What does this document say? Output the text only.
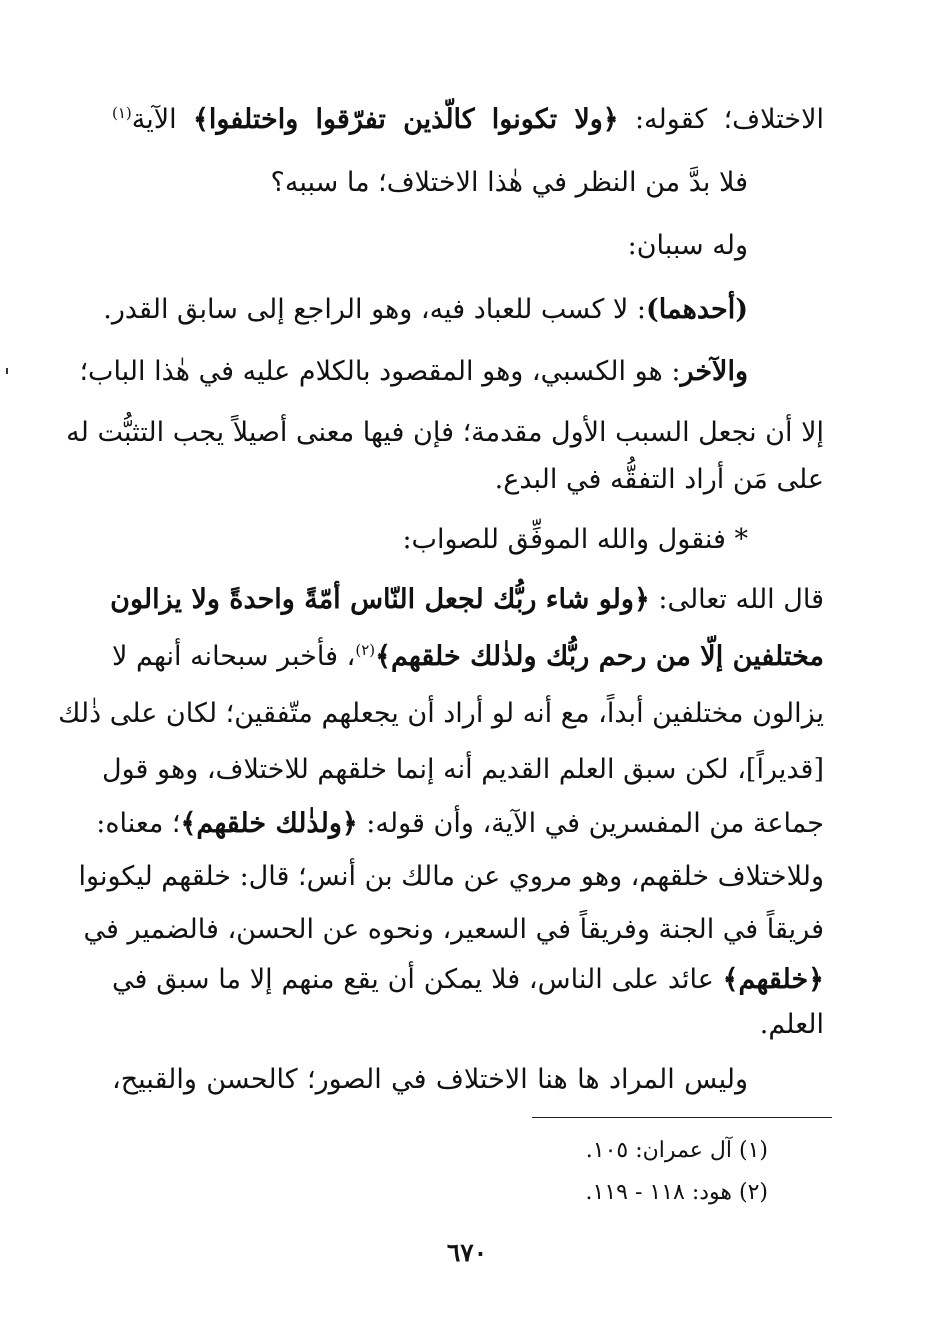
الاختلاف؛ كقوله: ﴿ولا تكونوا كالّذين تفرّقوا واختلفوا﴾ الآية$^{(١)}$
فلا بدَّ من النظر في هٰذا الاختلاف؛ ما سببه؟
وله سببان:
(أحدهما): لا كسب للعباد فيه، وهو الراجع إلى سابق القدر.
والآخر: هو الكسبي، وهو المقصود بالكلام عليه في هٰذا الباب؛
إلا أن نجعل السبب الأول مقدمة؛ فإن فيها معنى أصيلاً يجب التثبُّت له
على مَن أراد التفقُّه في البدع.
* فنقول والله الموفِّق للصواب:
قال الله تعالى: ﴿ولو شاء ربُّك لجعل النّاس أمّةً واحدةً ولا يزالون
مختلفين إلّا من رحم ربُّك ولذٰلك خلقهم﴾$^{(٢)}$، فأخبر سبحانه أنهم لا
يزالون مختلفين أبداً، مع أنه لو أراد أن يجعلهم متّفقين؛ لكان على ذٰلك
[قديراً]، لكن سبق العلم القديم أنه إنما خلقهم للاختلاف، وهو قول
جماعة من المفسرين في الآية، وأن قوله: ﴿ولذٰلك خلقهم﴾؛ معناه:
وللاختلاف خلقهم، وهو مروي عن مالك بن أنس؛ قال: خلقهم ليكونوا
فريقاً في الجنة وفريقاً في السعير، ونحوه عن الحسن، فالضمير في
﴿خلقهم﴾ عائد على الناس، فلا يمكن أن يقع منهم إلا ما سبق في
العلم.
وليس المراد ها هنا الاختلاف في الصور؛ كالحسن والقبيح،
(١) آل عمران: ١٠٥.
(٢) هود: ١١٨ - ١١٩.
٦٧٠
